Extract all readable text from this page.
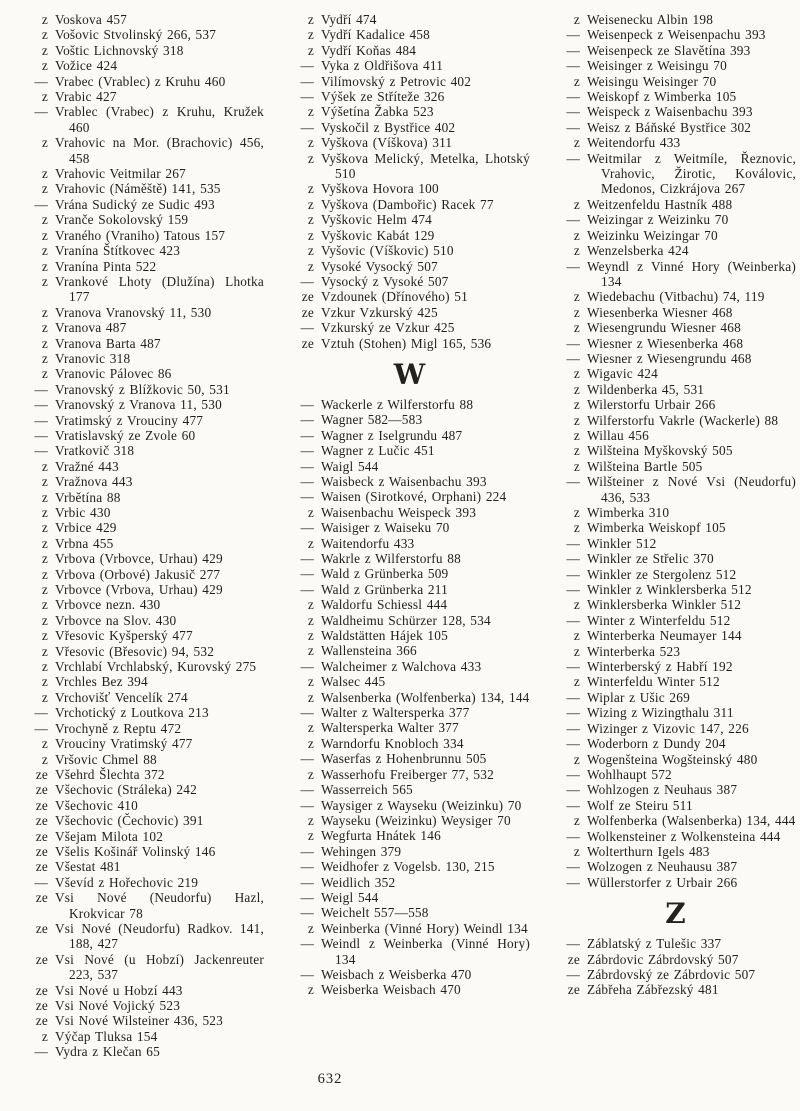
z Voskova 457
z Vošovic Stvolinský 266, 537
z Voštic Lichnovský 318
z Vožice 424
— Vrabec (Vrablec) z Kruhu 460
z Vrabic 427
— Vrablec (Vrabec) z Kruhu, Kružek 460
z Vrahovic na Mor. (Brachovic) 456, 458
z Vrahovic Veitmilar 267
z Vrahovic (Náměště) 141, 535
— Vrána Sudický ze Sudic 493
z Vranče Sokolovský 159
z Vraného (Vraniho) Tatous 157
z Vranína Štítkovec 423
z Vranína Pinta 522
z Vrankové Lhoty (Dlužína) Lhotka 177
z Vranova Vranovský 11, 530
z Vranova 487
z Vranova Barta 487
z Vranovic 318
z Vranovic Pálovec 86
— Vranovský z Blížkovic 50, 531
— Vranovský z Vranova 11, 530
— Vratimský z Vrouciny 477
— Vratislavský ze Zvole 60
— Vratkovič 318
z Vražné 443
z Vražnova 443
z Vrbětína 88
z Vrbic 430
z Vrbice 429
z Vrbna 455
z Vrbova (Vrbovce, Urhau) 429
z Vrbova (Orbové) Jakusič 277
z Vrbovce (Vrbova, Urhau) 429
z Vrbovce nezn. 430
z Vrbovce na Slov. 430
z Vřesovic Kyšperský 477
z Vřesovic (Břesovic) 94, 532
z Vrchlabí Vrchlabský, Kurovský 275
z Vrchles Bez 394
z Vrchovišť Vencelík 274
— Vrchotický z Loutkova 213
— Vrochyně z Reptu 472
z Vrouciny Vratimský 477
z Vršovic Chmel 88
ze Všehrd Šlechta 372
ze Všechovic (Stráleka) 242
ze Všechovic 410
ze Všechovic (Čechovic) 391
ze Všejam Milota 102
ze Všelis Košinář Volinský 146
ze Všestat 481
— Vševíd z Hořechovic 219
ze Vsi Nové (Neudorfu) Hazl, Krokvicar 78
ze Vsi Nové (Neudorfu) Radkov. 141, 188, 427
ze Vsi Nové (u Hobzí) Jackenreuter 223, 537
ze Vsi Nové u Hobzí 443
ze Vsi Nové Vojický 523
ze Vsi Nové Wilsteiner 436, 523
z Výčap Tluksa 154
— Vydra z Klečan 65
z Vydří 474
z Vydří Kadalice 458
z Vydří Koňas 484
— Vyka z Oldřišova 411
— Vilímovský z Petrovic 402
— Výšek ze Stříteže 326
z Výšetína Žabka 523
— Vyskočil z Bystřice 402
z Vyškova (Víškova) 311
z Vyškova Melický, Metelka, Lhotský 510
z Vyškova Hovora 100
z Vyškova (Dambořic) Racek 77
z Vyškovic Helm 474
z Vyškovic Kabát 129
z Vyšovic (Víškovic) 510
z Vysoké Vysocký 507
— Vysocký z Vysoké 507
ze Vzdounek (Dřínového) 51
ze Vzkur Vzkurský 425
— Vzkurský ze Vzkur 425
ze Vztuh (Stohen) Migl 165, 536
W
— Wackerle z Wilferstorfu 88
— Wagner 582—583
— Wagner z Iselgrundu 487
— Wagner z Lučic 451
— Waigl 544
— Waisbeck z Waisenbachu 393
— Waisen (Sirotkové, Orphani) 224
z Waisenbachu Weispeck 393
— Waisiger z Waiseku 70
z Waitendorfu 433
— Wakrle z Wilferstorfu 88
— Wald z Grünberka 509
— Wald z Grünberka 211
z Waldorfu Schiessl 444
z Waldheimu Schürzer 128, 534
z Waldstätten Hájek 105
z Wallensteina 366
— Walcheimer z Walchova 433
z Walsec 445
z Walsenberka (Wolfenberka) 134, 144
— Walter z Waltersperka 377
z Waltersperka Walter 377
z Warndorfu Knobloch 334
— Waserfas z Hohenbrunnu 505
z Wasserhofu Freiberger 77, 532
— Wasserreich 565
— Waysiger z Wayseku (Weizinku) 70
z Wayseku (Weizinku) Weysiger 70
z Wegfurta Hnátek 146
— Wehingen 379
— Weidhofer z Vogelsb. 130, 215
— Weidlich 352
— Weigl 544
— Weichelt 557—558
z Weinberka (Vinné Hory) Weindl 134
— Weindl z Weinberka (Vinné Hory) 134
— Weisbach z Weisberka 470
z Weisberka Weisbach 470
z Weisenecku Albin 198
— Weisenpeck z Weisenpachu 393
— Weisenpeck ze Slavětína 393
— Weisinger z Weisingu 70
z Weisingu Weisinger 70
— Weiskopf z Wimberka 105
— Weispeck z Waisenbachu 393
— Weisz z Báňské Bystřice 302
z Weitendorfu 433
— Weitmilar z Weitmíle, Řeznovic, Vrahovic, Žirotic, Koválovic, Medonos, Cizkrájova 267
z Weitzenfeldu Hastník 488
— Weizingar z Weizinku 70
z Weizinku Weizingar 70
z Wenzelsberka 424
— Weyndl z Vinné Hory (Weinberka) 134
z Wiedebachu (Vitbachu) 74, 119
z Wiesenberka Wiesner 468
z Wiesengrundu Wiesner 468
— Wiesner z Wiesenberka 468
— Wiesner z Wiesengrundu 468
z Wigavic 424
z Wildenberka 45, 531
z Wilerstorfu Urbair 266
z Wilferstorfu Vakrle (Wackerle) 88
z Willau 456
z Wilšteina Myškovský 505
z Wilšteina Bartle 505
— Wilšteiner z Nové Vsi (Neudorfu) 436, 533
z Wimberka 310
z Wimberka Weiskopf 105
— Winkler 512
— Winkler ze Střelic 370
— Winkler ze Stergolenz 512
— Winkler z Winklersberka 512
z Winklersberka Winkler 512
— Winter z Winterfeldu 512
z Winterberka Neumayer 144
z Winterberka 523
— Winterberský z Habří 192
z Winterfeldu Winter 512
— Wiplar z Ušic 269
— Wizing z Wizingthalu 311
— Wizinger z Vizovic 147, 226
— Woderborn z Dundy 204
z Wogenšteina Wogšteinský 480
— Wohlhaupt 572
— Wohlzogen z Neuhaus 387
— Wolf ze Steiru 511
z Wolfenberka (Walsenberka) 134, 444
— Wolkensteiner z Wolkensteina 444
z Wolterthurn Igels 483
— Wolzogen z Neuhausu 387
— Wüllerstorfer z Urbair 266
Z
— Záblatský z Tulešic 337
ze Zábrdovic Zábrdovský 507
— Zábrdovský ze Zábrdovic 507
ze Zábřeha Zábřezský 481
632
